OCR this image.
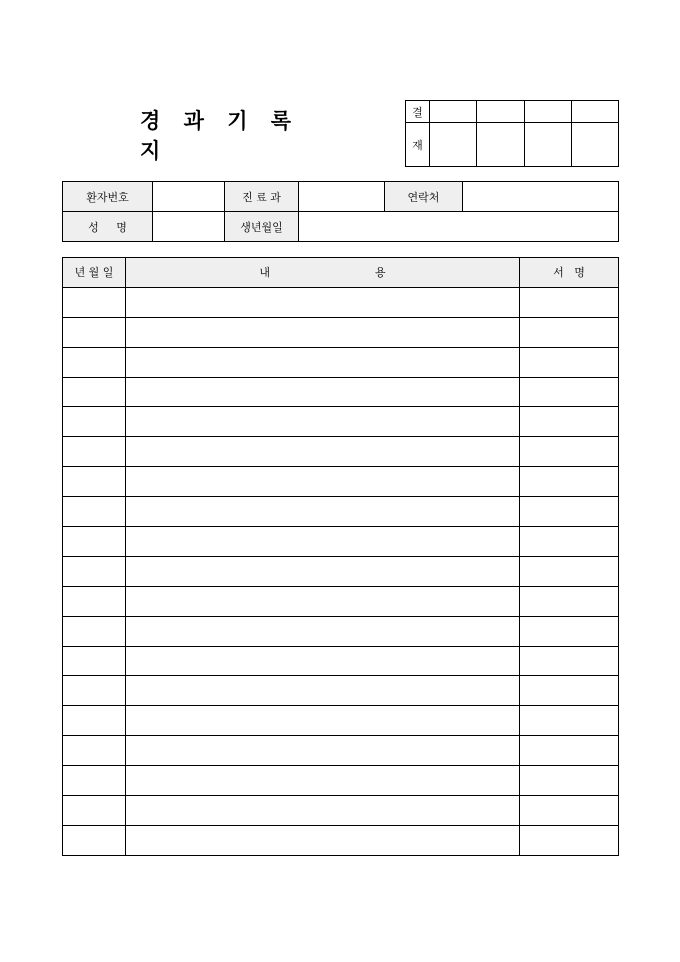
경 과 기 록 지
결				
재				
환자번호		진 료 과		연락처	
성     명		생년월일			
년 월 일	내                              용	서   명
